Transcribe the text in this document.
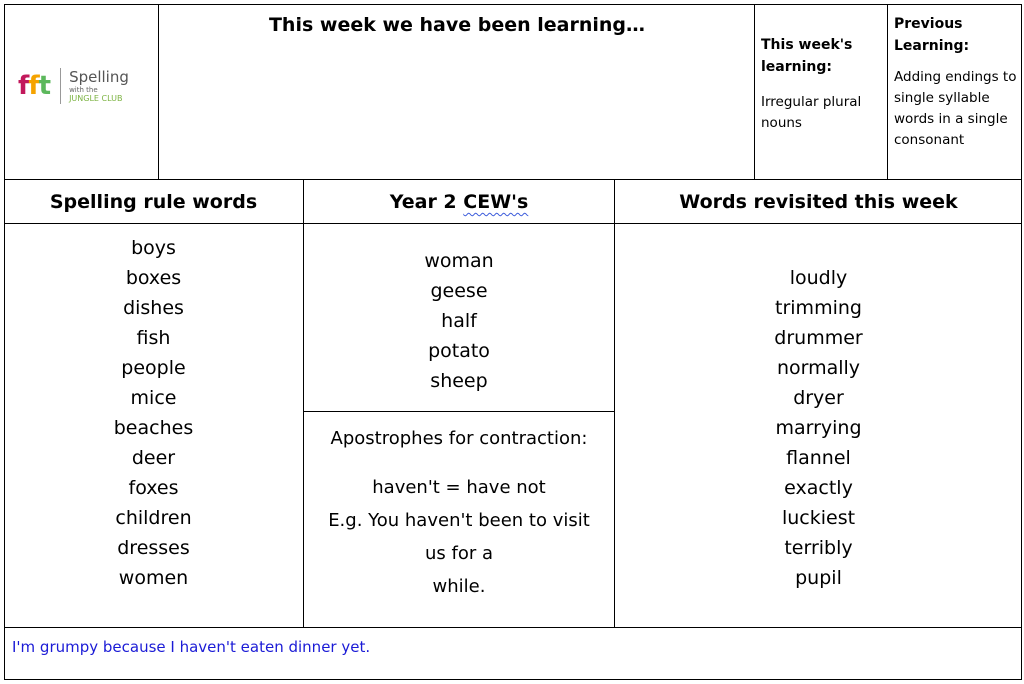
fft Spelling
with the
JUNGLE CLUB
This week we have been learning…
This week's learning:
Irregular plural nouns
Previous Learning:
Adding endings to single syllable words in a single consonant
Spelling rule words	Year 2 CEW's	Words revisited this week
boys
boxes
dishes
fish
people
mice
beaches
deer
foxes
children
dresses
women
woman
geese
half
potato
sheep
Apostrophes for contraction:
haven't = have not
E.g. You haven't been to visit
us for a
while.
loudly
trimming
drummer
normally
dryer
marrying
flannel
exactly
luckiest
terribly
pupil
I'm grumpy because I haven't eaten dinner yet.
